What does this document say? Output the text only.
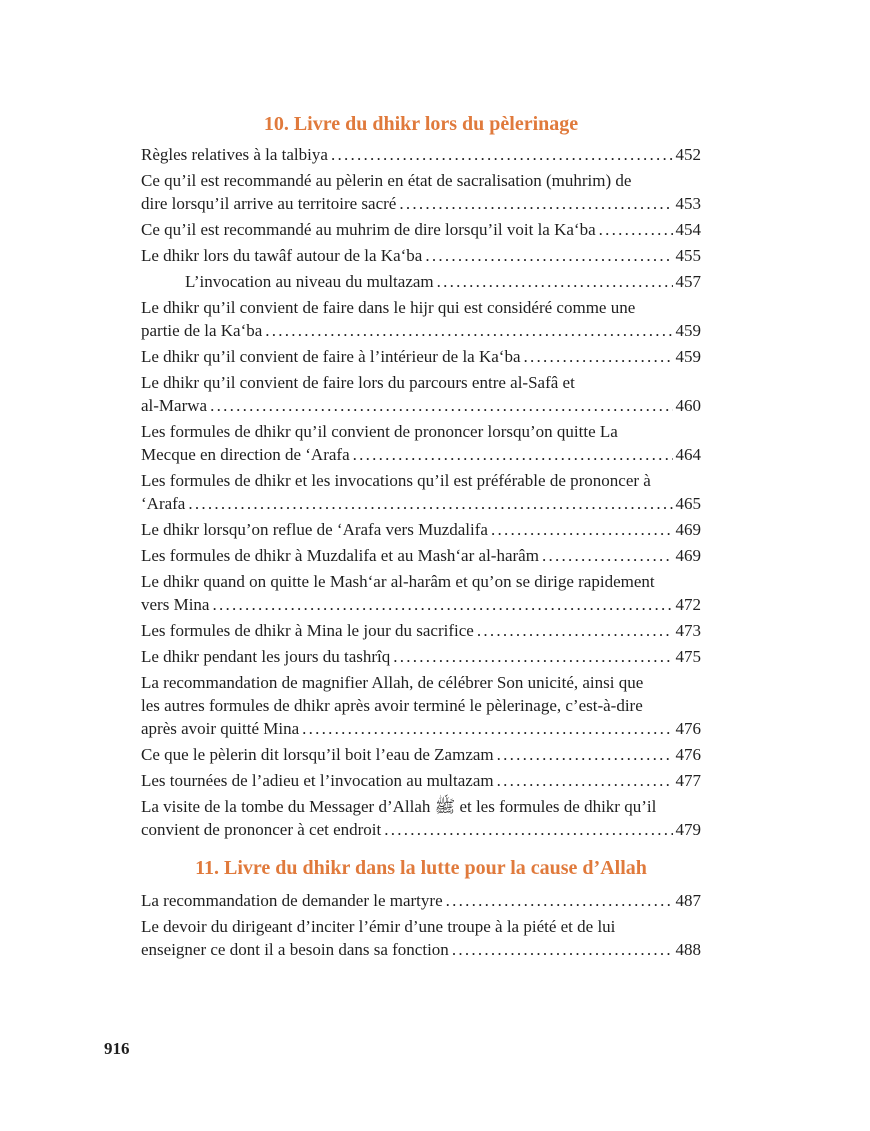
10. Livre du dhikr lors du pèlerinage
Règles relatives à la talbiya . . .	452
Ce qu’il est recommandé au pèlerin en état de sacralisation (muhrim) de
dire lorsqu’il arrive au territoire sacré . . .	453
Ce qu’il est recommandé au muhrim de dire lorsqu’il voit la Ka‘ba . . .	454
Le dhikr lors du tawâf autour de la Ka‘ba . . .	455
L’invocation au niveau du multazam . . .	457
Le dhikr qu’il convient de faire dans le hijr qui est considéré comme une
partie de la Ka‘ba . . .	459
Le dhikr qu’il convient de faire à l’intérieur de la Ka‘ba . . .	459
Le dhikr qu’il convient de faire lors du parcours entre al-Safâ et
al-Marwa . . .	460
Les formules de dhikr qu’il convient de prononcer lorsqu’on quitte La
Mecque en direction de ‘Arafa . . .	464
Les formules de dhikr et les invocations qu’il est préférable de prononcer à
‘Arafa . . .	465
Le dhikr lorsqu’on reflue de ‘Arafa vers Muzdalifa . . .	469
Les formules de dhikr à Muzdalifa et au Mash‘ar al-harâm . . .	469
Le dhikr quand on quitte le Mash‘ar al-harâm et qu’on se dirige rapidement
vers Mina . . .	472
Les formules de dhikr à Mina le jour du sacrifice . . .	473
Le dhikr pendant les jours du tashrîq . . .	475
La recommandation de magnifier Allah, de célébrer Son unicité, ainsi que
les autres formules de dhikr après avoir terminé le pèlerinage, c’est-à-dire
après avoir quitté Mina . . .	476
Ce que le pèlerin dit lorsqu’il boit l’eau de Zamzam . . .	476
Les tournées de l’adieu et l’invocation au multazam . . .	477
La visite de la tombe du Messager d’Allah ﷺ et les formules de dhikr qu’il
convient de prononcer à cet endroit . . .	479
11. Livre du dhikr dans la lutte pour la cause d’Allah
La recommandation de demander le martyre . . .	487
Le devoir du dirigeant d’inciter l’émir d’une troupe à la piété et de lui
enseigner ce dont il a besoin dans sa fonction . . .	488
916
